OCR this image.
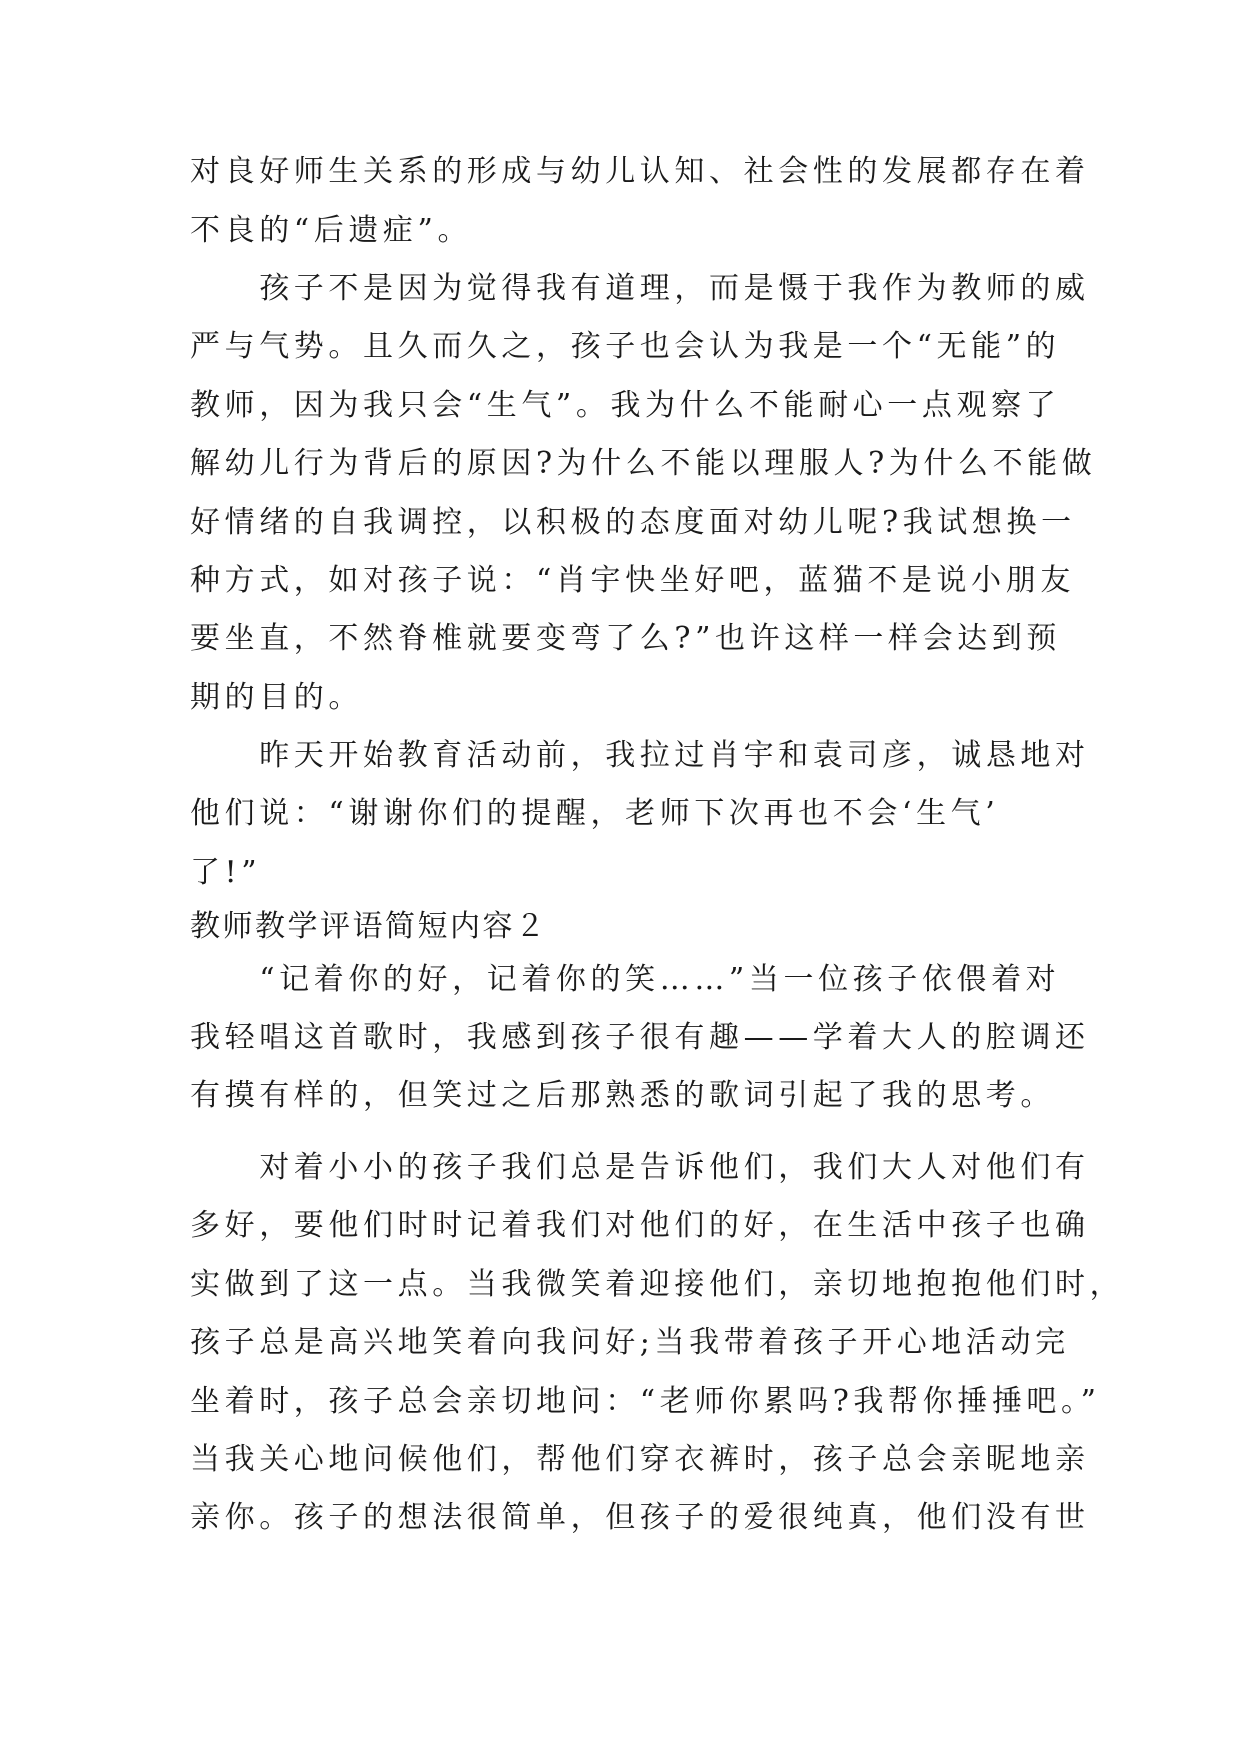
对良好师生关系的形成与幼儿认知、社会性的发展都存在着

不良的“后遗症”。

　　孩子不是因为觉得我有道理，而是慑于我作为教师的威

严与气势。且久而久之，孩子也会认为我是一个“无能”的

教师，因为我只会“生气”。我为什么不能耐心一点观察了

解幼儿行为背后的原因?为什么不能以理服人?为什么不能做

好情绪的自我调控，以积极的态度面对幼儿呢?我试想换一

种方式，如对孩子说：“肖宇快坐好吧，蓝猫不是说小朋友

要坐直，不然脊椎就要变弯了么?”也许这样一样会达到预

期的目的。

　　昨天开始教育活动前，我拉过肖宇和袁司彦，诚恳地对

他们说：“谢谢你们的提醒，老师下次再也不会‘生气’

了!”

教师教学评语简短内容２

　　“记着你的好，记着你的笑……”当一位孩子依偎着对

我轻唱这首歌时，我感到孩子很有趣——学着大人的腔调还

有摸有样的，但笑过之后那熟悉的歌词引起了我的思考。

　　对着小小的孩子我们总是告诉他们，我们大人对他们有

多好，要他们时时记着我们对他们的好，在生活中孩子也确

实做到了这一点。当我微笑着迎接他们，亲切地抱抱他们时，

孩子总是高兴地笑着向我问好;当我带着孩子开心地活动完

坐着时，孩子总会亲切地问：“老师你累吗?我帮你捶捶吧。”

当我关心地问候他们，帮他们穿衣裤时，孩子总会亲昵地亲

亲你。孩子的想法很简单，但孩子的爱很纯真，他们没有世
